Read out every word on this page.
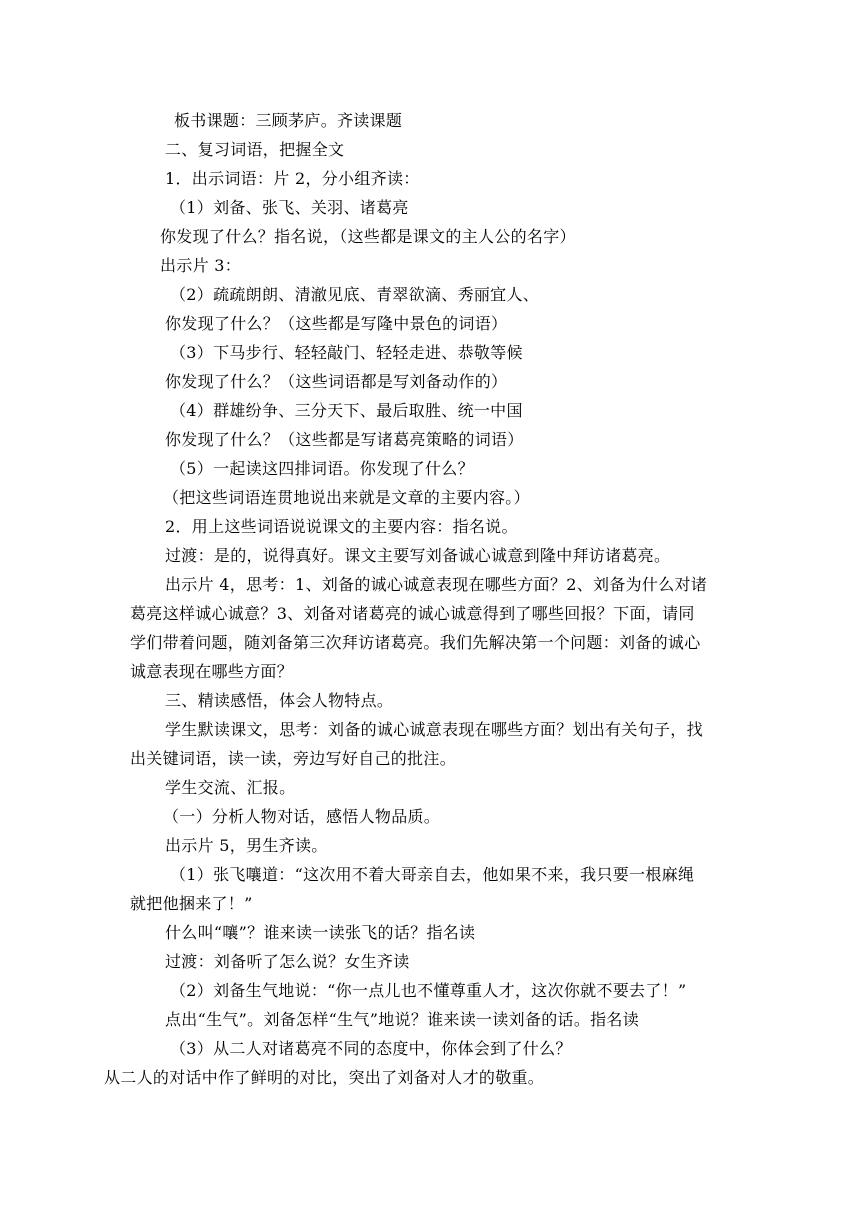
板书课题：三顾茅庐。齐读课题
二、复习词语，把握全文
1．出示词语：片 2，分小组齐读：
（1）刘备、张飞、关羽、诸葛亮
你发现了什么？指名说，（这些都是课文的主人公的名字）
出示片 3：
（2）疏疏朗朗、清澈见底、青翠欲滴、秀丽宜人、
你发现了什么？（这些都是写隆中景色的词语）
（3）下马步行、轻轻敲门、轻轻走进、恭敬等候
你发现了什么？（这些词语都是写刘备动作的）
（4）群雄纷争、三分天下、最后取胜、统一中国
你发现了什么？（这些都是写诸葛亮策略的词语）
（5）一起读这四排词语。你发现了什么？
（把这些词语连贯地说出来就是文章的主要内容。）
2．用上这些词语说说课文的主要内容：指名说。
过渡：是的，说得真好。课文主要写刘备诚心诚意到隆中拜访诸葛亮。
出示片 4，思考：1、刘备的诚心诚意表现在哪些方面？2、刘备为什么对诸
葛亮这样诚心诚意？3、刘备对诸葛亮的诚心诚意得到了哪些回报？下面，请同
学们带着问题，随刘备第三次拜访诸葛亮。我们先解决第一个问题：刘备的诚心
诚意表现在哪些方面？
三、精读感悟，体会人物特点。
学生默读课文，思考：刘备的诚心诚意表现在哪些方面？划出有关句子，找
出关键词语，读一读，旁边写好自己的批注。
学生交流、汇报。
（一）分析人物对话，感悟人物品质。
出示片 5，男生齐读。
（1）张飞嚷道：“这次用不着大哥亲自去，他如果不来，我只要一根麻绳
就把他捆来了！”
什么叫“嚷”？谁来读一读张飞的话？指名读
过渡：刘备听了怎么说？女生齐读
（2）刘备生气地说：“你一点儿也不懂尊重人才，这次你就不要去了！”
点出“生气”。刘备怎样“生气”地说？谁来读一读刘备的话。指名读
（3）从二人对诸葛亮不同的态度中，你体会到了什么？
从二人的对话中作了鲜明的对比，突出了刘备对人才的敬重。
